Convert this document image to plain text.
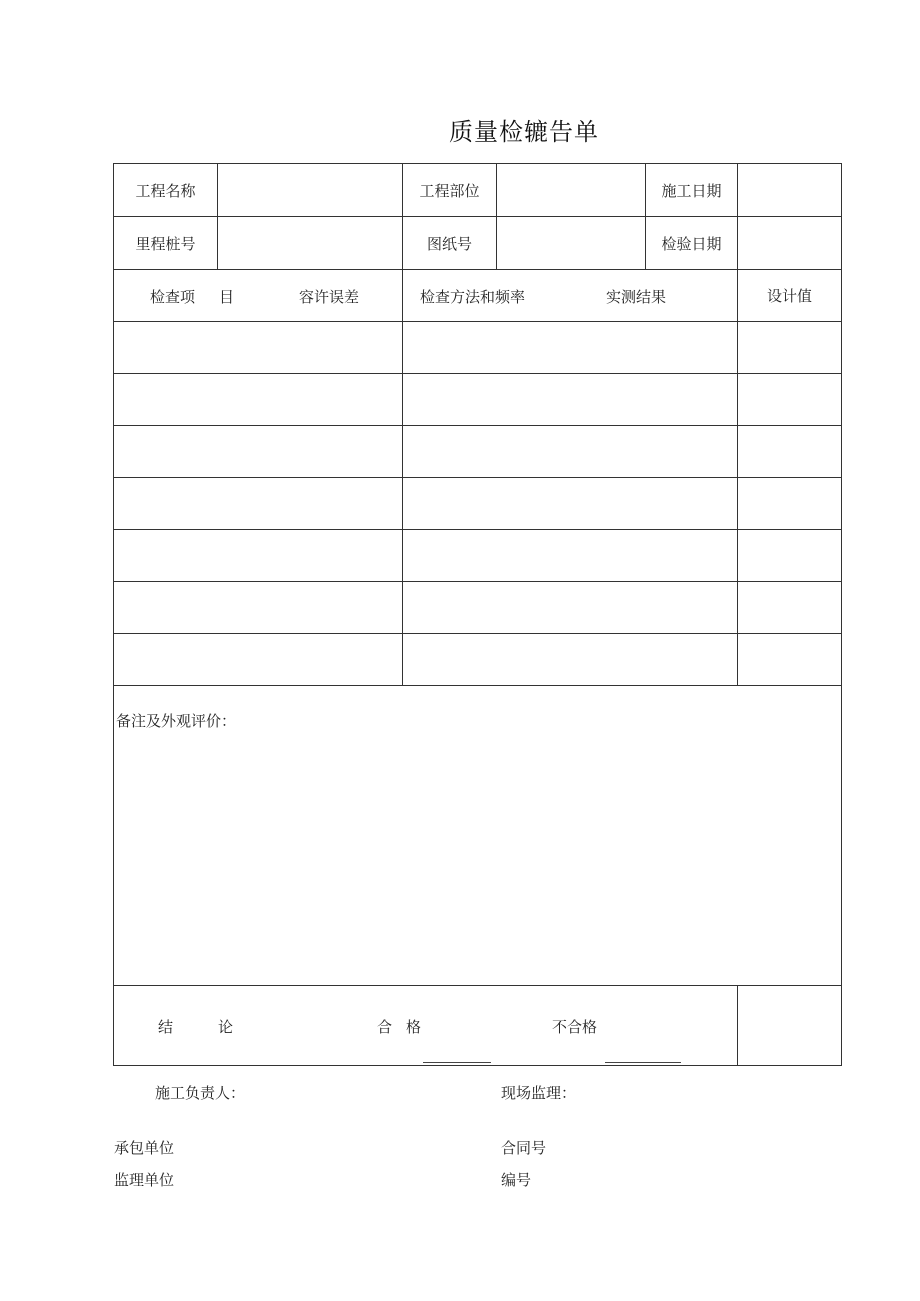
质量检辘告单
工程名称		工程部位		施工日期	
里程桩号		图纸号		检验日期	

检查项 目 容许误差		检查方法和频率 实测结果			设计值

备注及外观评价：					

结 论 合 格 不合格					

施工负责人：	现场监理：
承包单位	合同号
监理单位	编号
